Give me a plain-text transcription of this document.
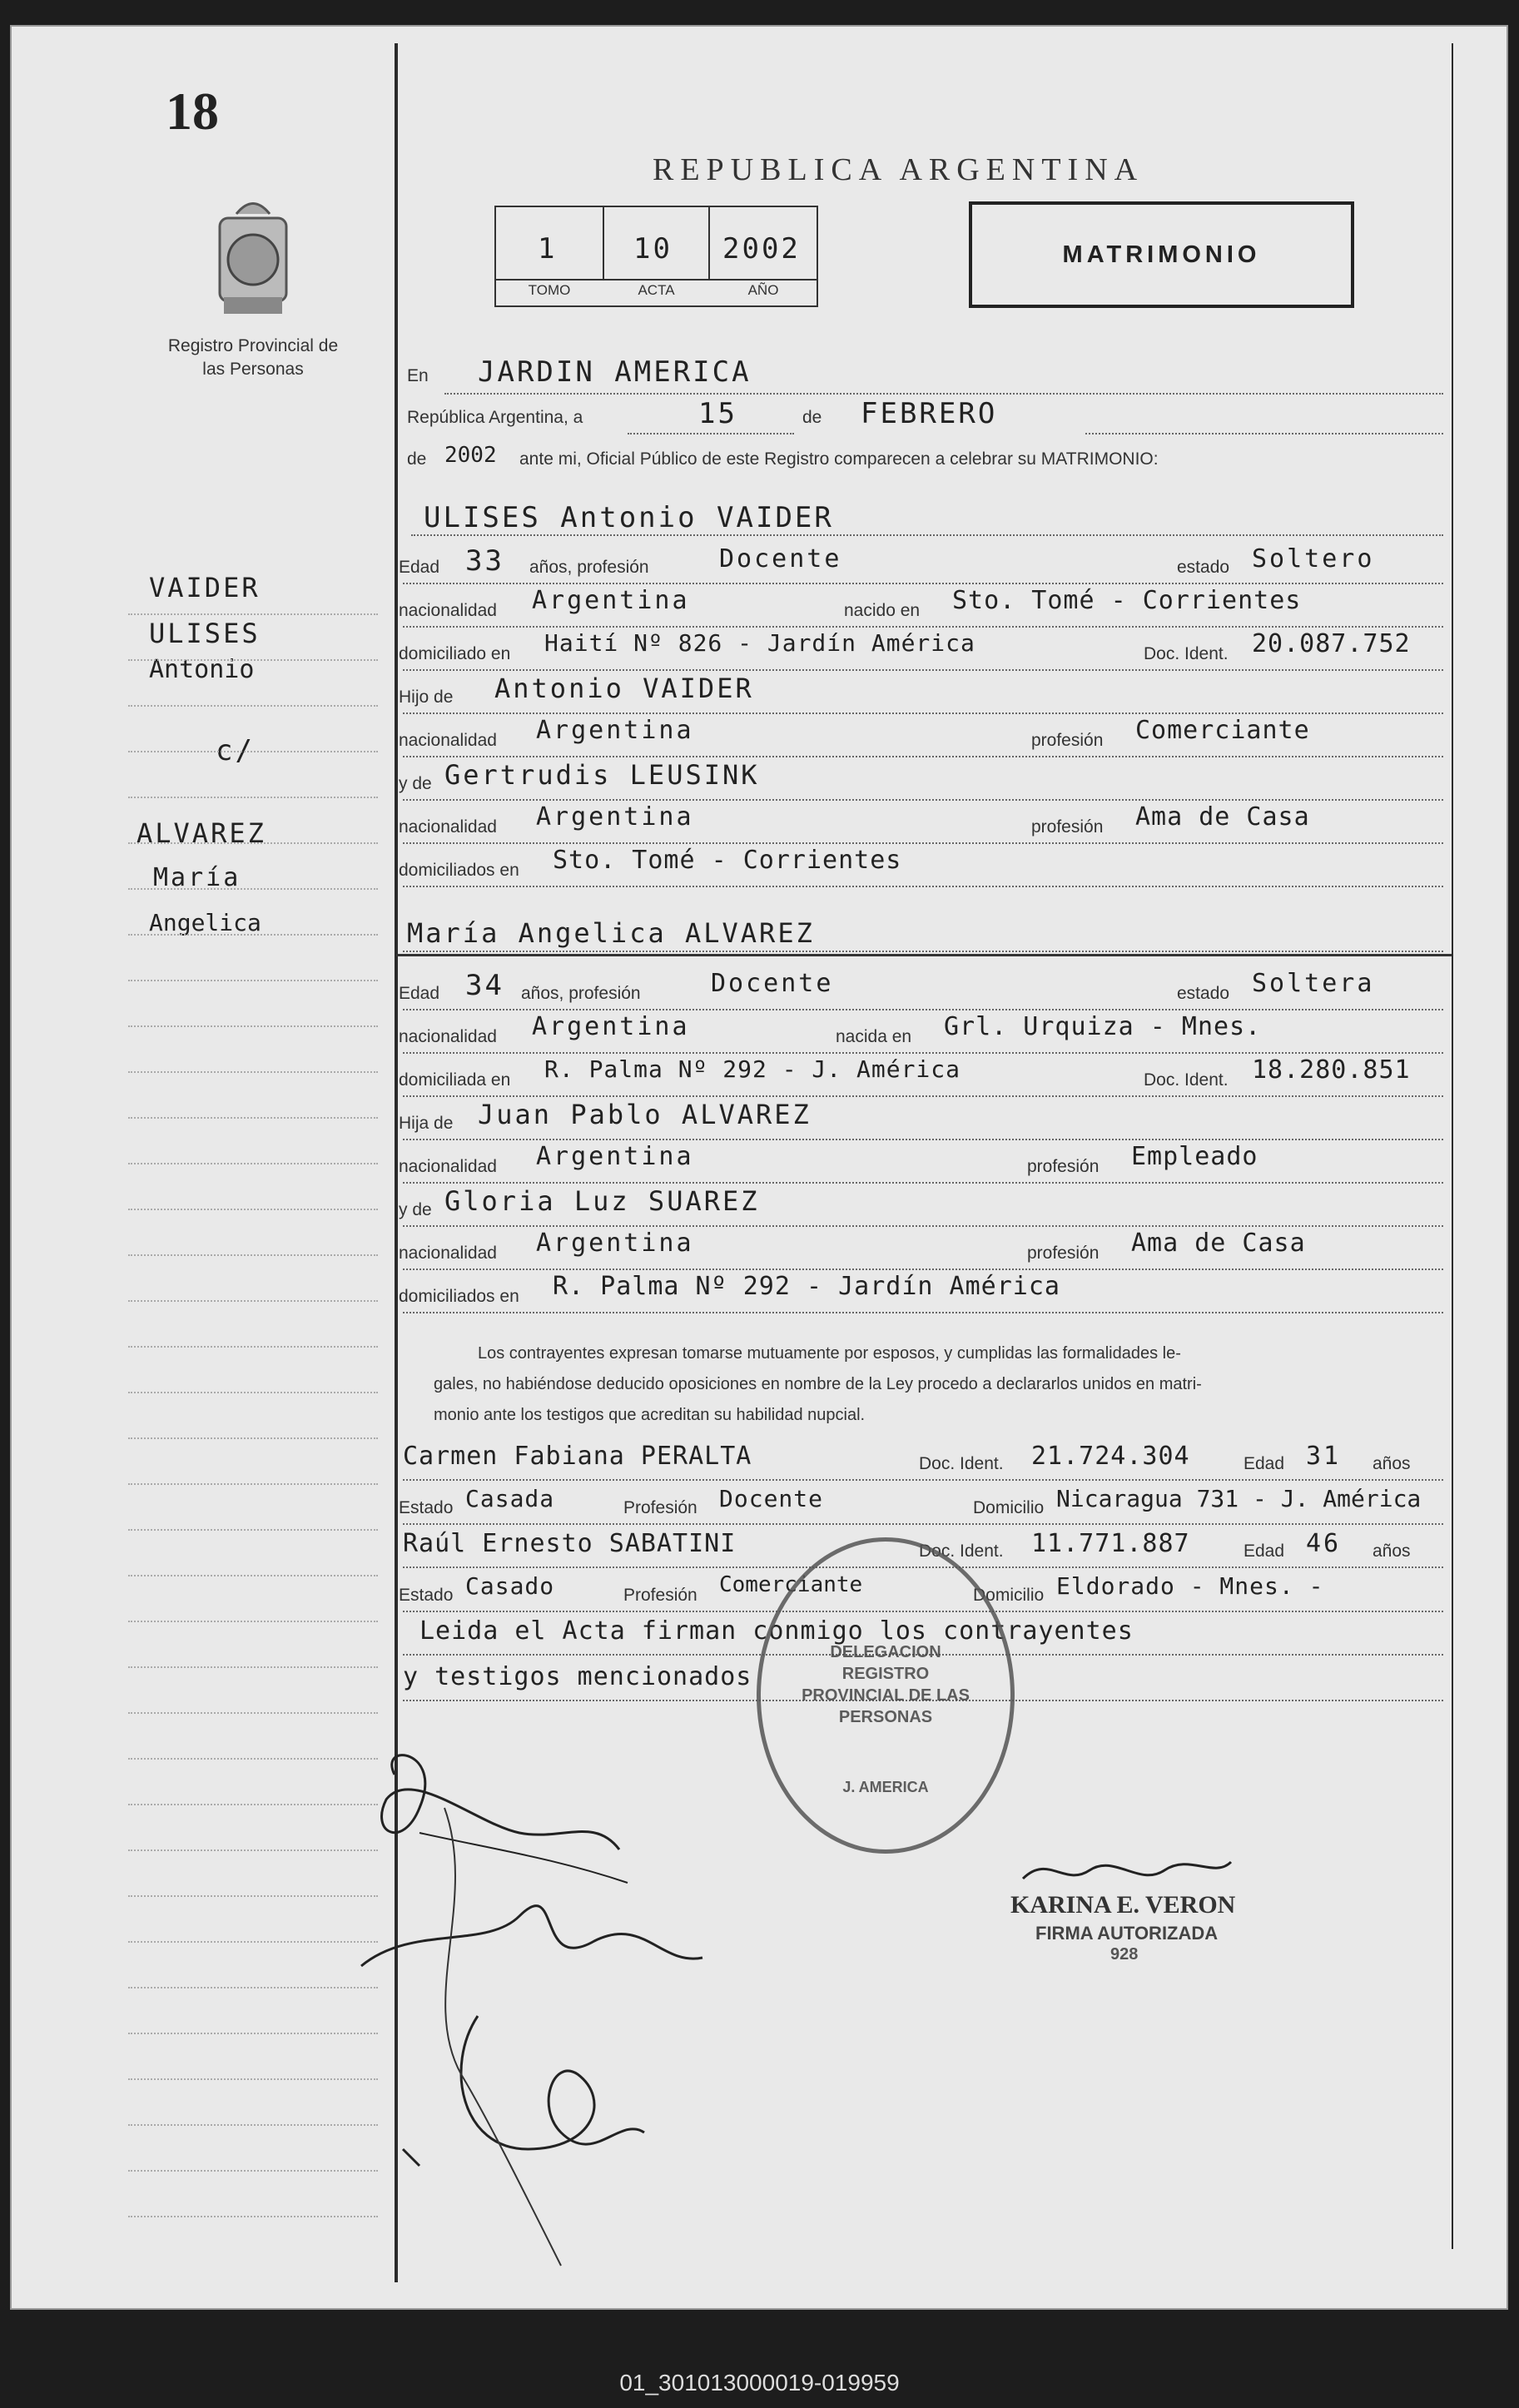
18
Registro Provincial de las Personas
REPUBLICA ARGENTINA
1	10 2002
TOMO	ACTA	AÑO
MATRIMONIO
En JARDIN AMERICA
República Argentina, a	15	de FEBRERO
de 2002 ante mi, Oficial Público de este Registro comparecen a celebrar su MATRIMONIO:
ULISES Antonio VAIDER
Edad 33 años, profesión	Docente	estado Soltero
nacionalidad Argentina	nacido en Sto. Tomé - Corrientes
domiciliado en Haití Nº 826 - Jardín América	Doc. Ident. 20.087.752
Hijo de Antonio VAIDER
nacionalidad Argentina	profesión Comerciante
y de Gertrudis LEUSINK
nacionalidad Argentina	profesión Ama de Casa
domiciliados en Sto. Tomé - Corrientes
María Angelica ALVAREZ
Edad 34 años, profesión	Docente	estado Soltera
nacionalidad Argentina	nacida en Grl. Urquiza - Mnes.
domiciliada en R. Palma Nº 292 - J. América	Doc. Ident. 18.280.851
Hija de Juan Pablo ALVAREZ
nacionalidad Argentina	profesión Empleado
y de Gloria Luz SUAREZ
nacionalidad Argentina	profesión Ama de Casa
domiciliados en R. Palma Nº 292 - Jardín América
Los contrayentes expresan tomarse mutuamente por esposos, y cumplidas las formalidades le-
gales, no habiéndose deducido oposiciones en nombre de la Ley procedo a declararlos unidos en matri-
monio ante los testigos que acreditan su habilidad nupcial.
Carmen Fabiana PERALTA	Doc. Ident. 21.724.304	Edad 31 años
Estado Casada	Profesión Docente	Domicilio Nicaragua 731 - J. América
Raúl Ernesto SABATINI	Doc. Ident. 11.771.887	Edad 46 años
Estado Casado	Profesión Comerciante	Domicilio Eldorado - Mnes. -
Leida el Acta firman conmigo los contrayentes
y testigos mencionados
DELEGACION REGISTRO PROVINCIAL DE LAS PERSONAS
J. AMERICA
KARINA E. VERON
FIRMA AUTORIZADA
928
VAIDER
ULISES
Antonio
c/
ALVAREZ
María
Angelica
01_301013000019-019959
